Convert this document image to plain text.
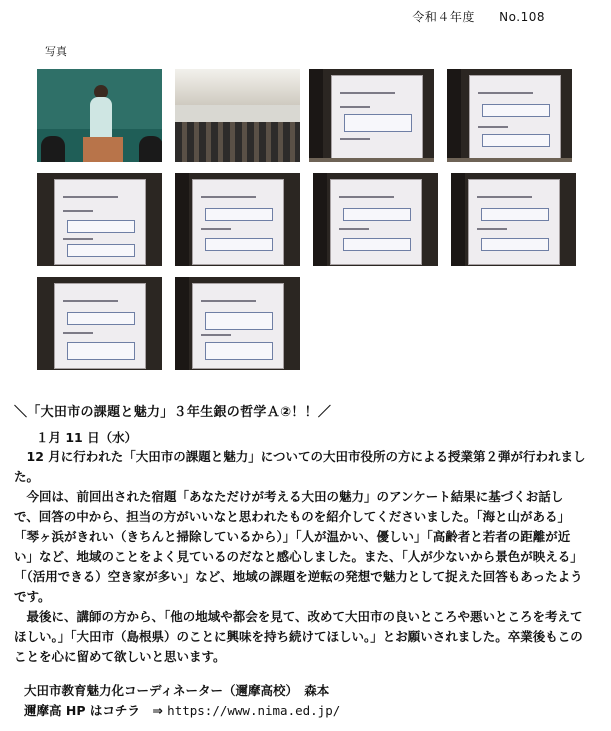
令和４年度 No.108
写真
＼「大田市の課題と魅力」３年生銀の哲学Ａ②！！／
１月 11 日（水）

12 月に行われた「大田市の課題と魅力」についての大田市役所の方による授業第２弾が行われました。

今回は、前回出された宿題「あなただけが考える大田の魅力」のアンケート結果に基づくお話しで、回答の中から、担当の方がいいなと思われたものを紹介してくださいました。「海と山がある」「琴ヶ浜がきれい（きちんと掃除しているから）」「人が温かい、優しい」「高齢者と若者の距離が近い」など、地域のことをよく見ているのだなと感心しました。また、「人が少ないから景色が映える」「（活用できる）空き家が多い」など、地域の課題を逆転の発想で魅力として捉えた回答もあったようです。

最後に、講師の方から、「他の地域や都会を見て、改めて大田市の良いところや悪いところを考えてほしい。」「大田市（島根県）のことに興味を持ち続けてほしい。」とお願いされました。卒業後もこのことを心に留めて欲しいと思います。

大田市教育魅力化コーディネーター（邇摩高校）　森本
邇摩高 HP はコチラ　⇒ https://www.nima.ed.jp/
